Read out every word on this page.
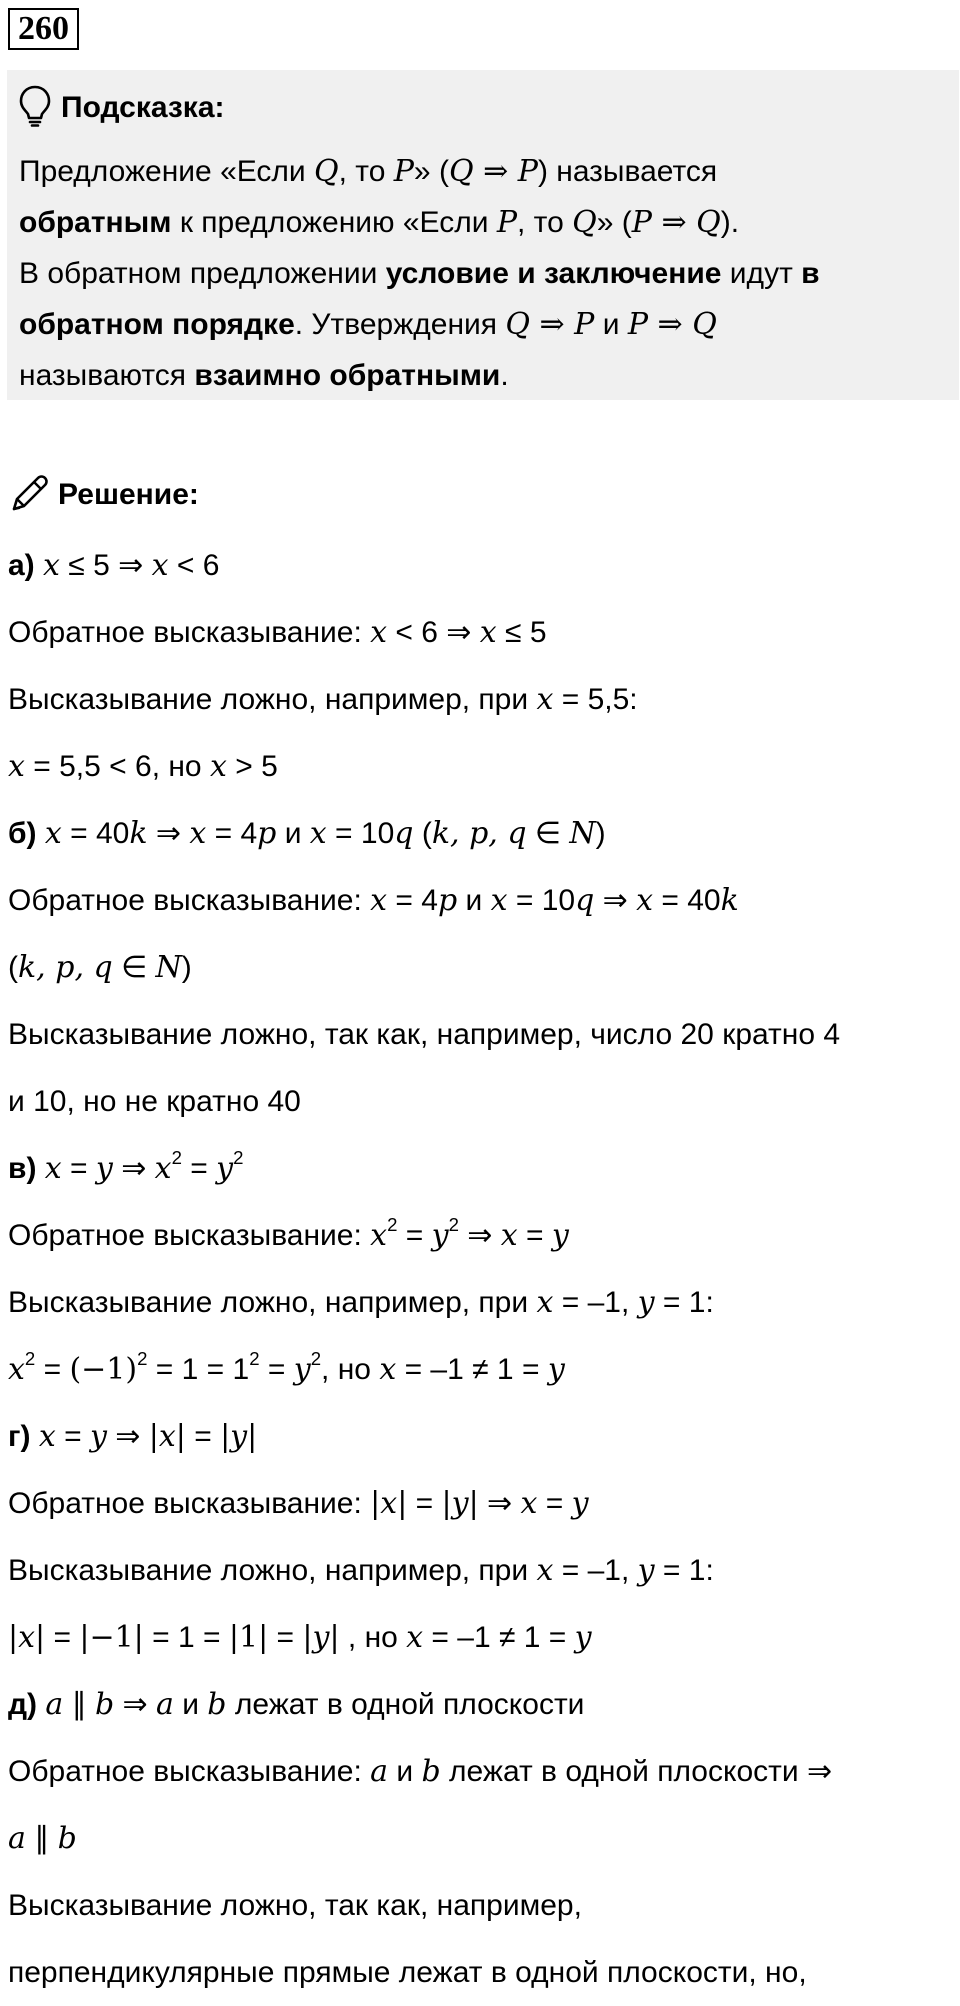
260
Подсказка:
Предложение «Если Q, то P» (Q ⇒ P) называется
обратным к предложению «Если P, то Q» (P ⇒ Q).
В обратном предложении условие и заключение идут в
обратном порядке. Утверждения Q ⇒ P и P ⇒ Q
называются взаимно обратными.
Решение:
а) x ≤ 5 ⇒ x < 6
Обратное высказывание: x < 6 ⇒ x ≤ 5
Высказывание ложно, например, при x = 5,5:
x = 5,5 < 6, но x > 5
б) x = 40k ⇒ x = 4p и x = 10q (k, p, q ∈ N)
Обратное высказывание: x = 4p и x = 10q ⇒ x = 40k
(k, p, q ∈ N)
Высказывание ложно, так как, например, число 20 кратно 4
и 10, но не кратно 40
в) x = y ⇒ $x^2 = y^2$
Обратное высказывание: $x^2 = y^2$ ⇒ x = y
Высказывание ложно, например, при x = –1, y = 1:
$x^2 = (-1)^2 = 1 = 1^2 = y^2$, но x = –1 ≠ 1 = y
г) x = y ⇒ |x| = |y|
Обратное высказывание: |x| = |y| ⇒ x = y
Высказывание ложно, например, при x = –1, y = 1:
|x| = |−1| = 1 = |1| = |y| , но x = –1 ≠ 1 = y
д) a ∥ b ⇒ a и b лежат в одной плоскости
Обратное высказывание: a и b лежат в одной плоскости ⇒
a ∥ b
Высказывание ложно, так как, например,
перпендикулярные прямые лежат в одной плоскости, но,
